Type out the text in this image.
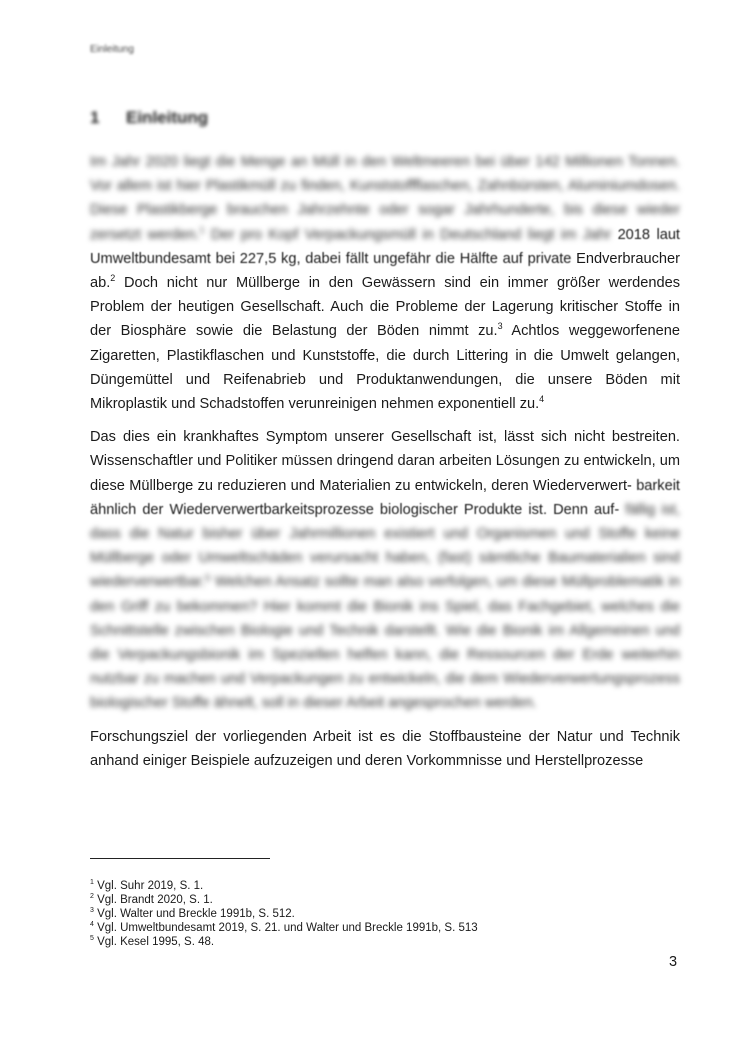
Einleitung
1 Einleitung

Im Jahr 2020 liegt die Menge an Müll in den Weltmeeren bei über 142 Millionen Tonnen. Vor allem ist hier Plastikmüll zu finden, Kunststoffflaschen, Zahnbürsten, Aluminiumdosen. Diese Plastikberge brauchen Jahrzehnte oder sogar Jahrhunderte, bis diese wieder zersetzt werden.$^1$ Der pro Kopf Verpackungsmüll in Deutschland liegt im Jahr 2018 laut Umweltbundesamt bei 227,5 kg, dabei fällt ungefähr die Hälfte auf private Endverbraucher ab.$^2$ Doch nicht nur Müllberge in den Gewässern sind ein immer größer werdendes Problem der heutigen Gesellschaft. Auch die Probleme der Lagerung kritischer Stoffe in der Biosphäre sowie die Belastung der Böden nimmt zu.$^3$ Achtlos weggeworfenene Zigaretten, Plastikflaschen und Kunststoffe, die durch Littering in die Umwelt gelangen, Düngemüttel und Reifenabrieb und Produktanwendungen, die unsere Böden mit Mikroplastik und Schadstoffen verunreinigen nehmen exponentiell zu.$^4$

Das dies ein krankhaftes Symptom unserer Gesellschaft ist, lässt sich nicht bestreiten. Wissenschaftler und Politiker müssen dringend daran arbeiten Lösungen zu entwickeln, um diese Müllberge zu reduzieren und Materialien zu entwickeln, deren Wiederverwert- barkeit ähnlich der Wiederverwertbarkeitsprozesse biologischer Produkte ist. Denn auf- fällig ist, dass die Natur bisher über Jahrmillionen existiert und Organismen und Stoffe keine Müllberge oder Umweltschäden verursacht haben, (fast) sämtliche Baumaterialien sind wiederverwertbar.$^5$ Welchen Ansatz sollte man also verfolgen, um diese Müllproblematik in den Griff zu bekommen? Hier kommt die Bionik ins Spiel, das Fachgebiet, welches die Schnittstelle zwischen Biologie und Technik darstellt. Wie die Bionik im Allgemeinen und die Verpackungsbionik im Speziellen helfen kann, die Ressourcen der Erde weiterhin nutzbar zu machen und Verpackungen zu entwickeln, die dem Wiederverwertungsprozess biologischer Stoffe ähnelt, soll in dieser Arbeit angesprochen werden.

Forschungsziel der vorliegenden Arbeit ist es die Stoffbausteine der Natur und Technik anhand einiger Beispiele aufzuzeigen und deren Vorkommnisse und Herstellprozesse

$^1$ Vgl. Suhr 2019, S. 1.
$^2$ Vgl. Brandt 2020, S. 1.
$^3$ Vgl. Walter und Breckle 1991b, S. 512.
$^4$ Vgl. Umweltbundesamt 2019, S. 21. und Walter und Breckle 1991b, S. 513
$^5$ Vgl. Kesel 1995, S. 48.
3
